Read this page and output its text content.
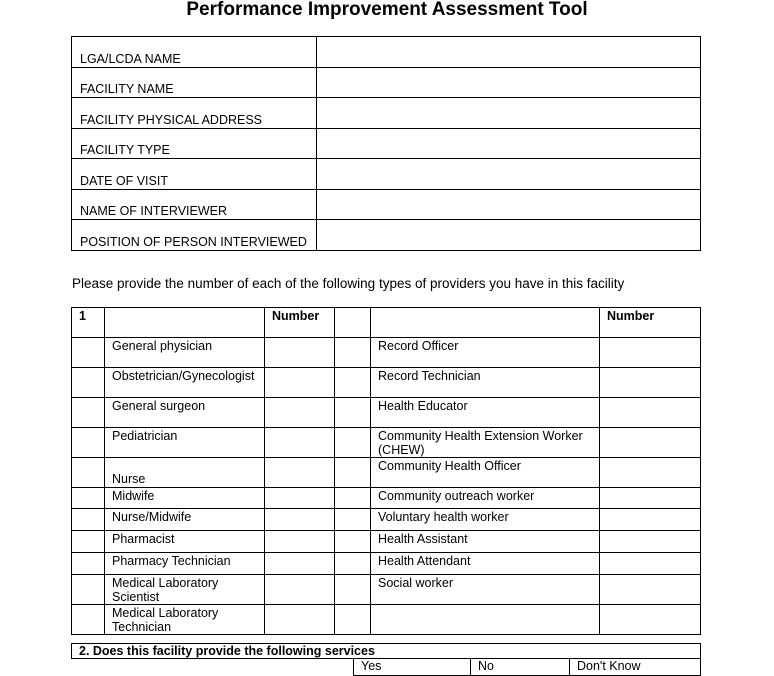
Performance Improvement Assessment Tool
LGA/LCDA NAME	
FACILITY NAME	
FACILITY PHYSICAL ADDRESS	
FACILITY TYPE	
DATE OF VISIT	
NAME OF INTERVIEWER	
POSITION OF PERSON INTERVIEWED	
Please provide the number of each of the following types of providers you have in this facility
1		Number			Number
	General physician			Record Officer	
	Obstetrician/Gynecologist			Record Technician	
	General surgeon			Health Educator	
	Pediatrician			Community Health Extension Worker (CHEW)	
	Nurse			Community Health Officer	
	Midwife			Community outreach worker	
	Nurse/Midwife			Voluntary health worker	
	Pharmacist			Health Assistant	
	Pharmacy Technician			Health Attendant	
	Medical Laboratory Scientist			Social worker	
	Medical Laboratory Technician				
2. Does this facility provide the following services
	Yes	No	Don't Know
